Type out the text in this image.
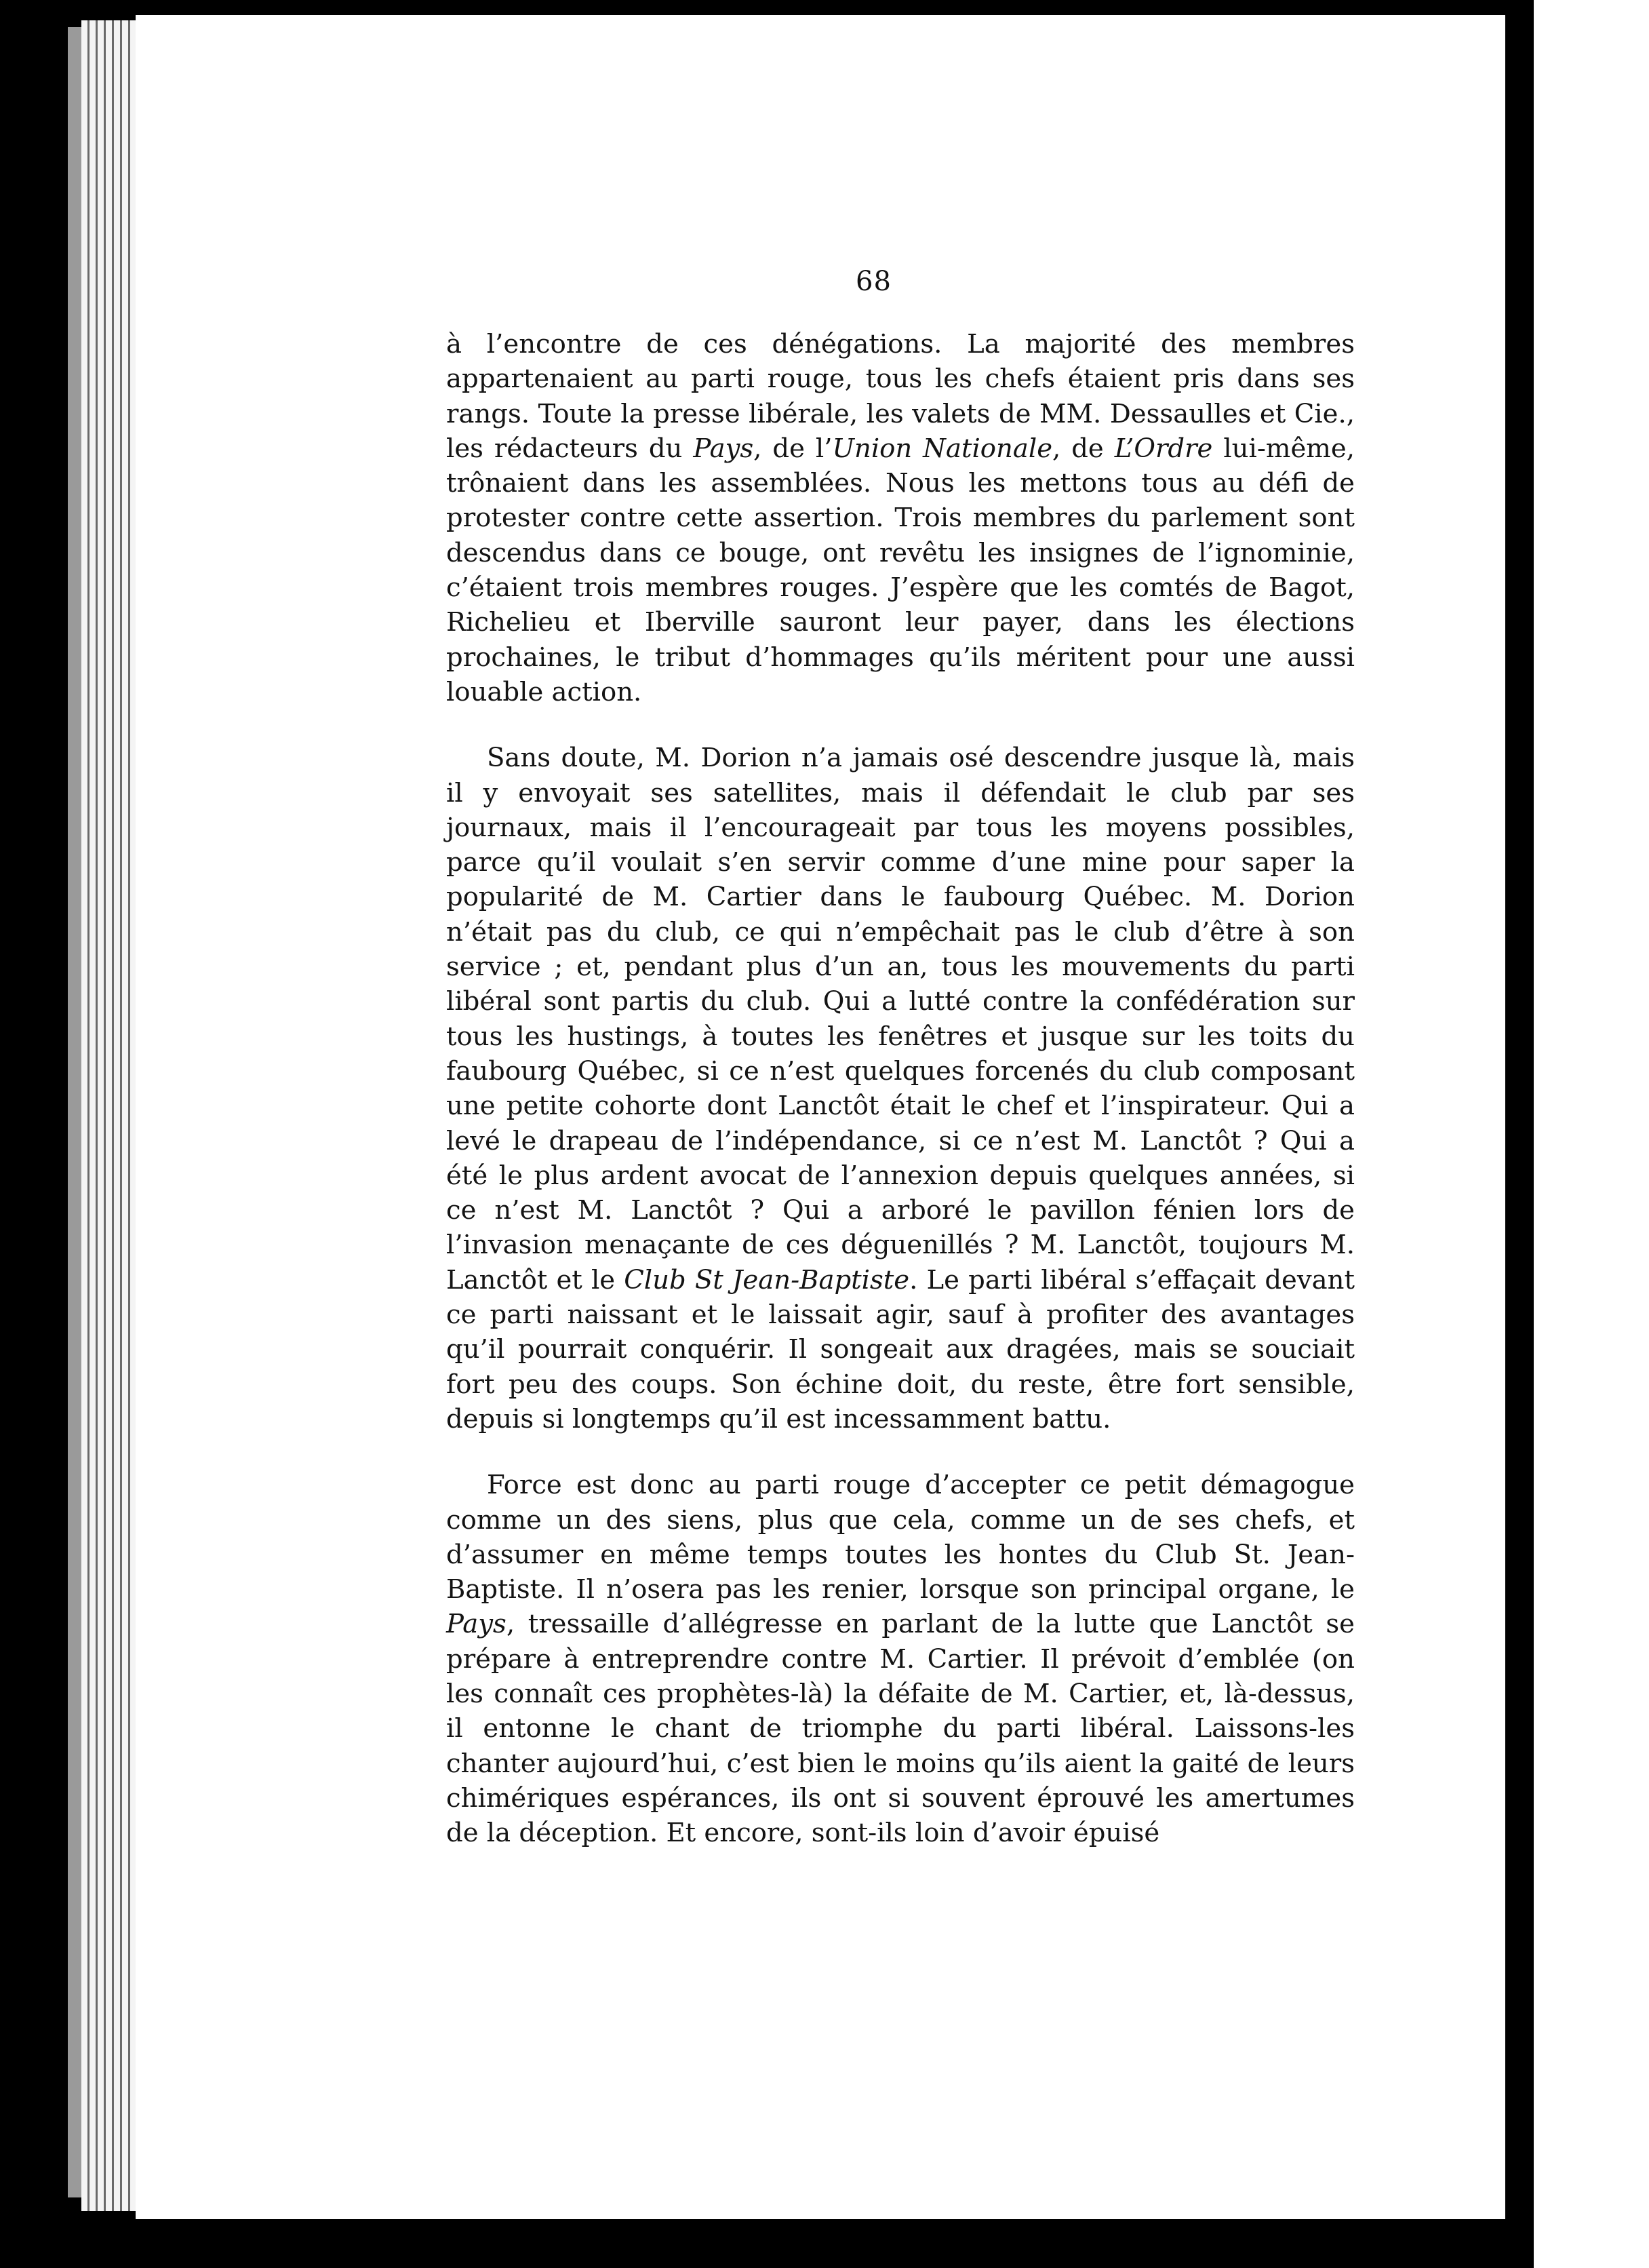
68

à l’encontre de ces dénégations. La majorité des membres appartenaient au parti rouge, tous les chefs étaient pris dans ses rangs. Toute la presse libérale, les valets de MM. Dessaulles et Cie., les rédacteurs du Pays, de l’Union Nationale, de L’Ordre lui-même, trônaient dans les assemblées. Nous les mettons tous au défi de protester contre cette assertion. Trois membres du parlement sont descendus dans ce bouge, ont revêtu les insignes de l’ignominie, c’étaient trois membres rouges. J’espère que les comtés de Bagot, Richelieu et Iberville sauront leur payer, dans les élections prochaines, le tribut d’hommages qu’ils méritent pour une aussi louable action.

Sans doute, M. Dorion n’a jamais osé descendre jusque là, mais il y envoyait ses satellites, mais il défendait le club par ses journaux, mais il l’encourageait par tous les moyens possibles, parce qu’il voulait s’en servir comme d’une mine pour saper la popularité de M. Cartier dans le faubourg Québec. M. Dorion n’était pas du club, ce qui n’empêchait pas le club d’être à son service ; et, pendant plus d’un an, tous les mouvements du parti libéral sont partis du club. Qui a lutté contre la confédération sur tous les hustings, à toutes les fenêtres et jusque sur les toits du faubourg Québec, si ce n’est quelques forcenés du club composant une petite cohorte dont Lanctôt était le chef et l’inspirateur. Qui a levé le drapeau de l’indépendance, si ce n’est M. Lanctôt ? Qui a été le plus ardent avocat de l’annexion depuis quelques années, si ce n’est M. Lanctôt ? Qui a arboré le pavillon fénien lors de l’invasion menaçante de ces déguenillés ? M. Lanctôt, toujours M. Lanctôt et le Club St Jean-Baptiste. Le parti libéral s’effaçait devant ce parti naissant et le laissait agir, sauf à profiter des avantages qu’il pourrait conquérir. Il songeait aux dragées, mais se souciait fort peu des coups. Son échine doit, du reste, être fort sensible, depuis si longtemps qu’il est incessamment battu.

Force est donc au parti rouge d’accepter ce petit démagogue comme un des siens, plus que cela, comme un de ses chefs, et d’assumer en même temps toutes les hontes du Club St. Jean-Baptiste. Il n’osera pas les renier, lorsque son principal organe, le Pays, tressaille d’allégresse en parlant de la lutte que Lanctôt se prépare à entreprendre contre M. Cartier. Il prévoit d’emblée (on les connaît ces prophètes-là) la défaite de M. Cartier, et, là-dessus, il entonne le chant de triomphe du parti libéral. Laissons-les chanter aujourd’hui, c’est bien le moins qu’ils aient la gaité de leurs chimériques espérances, ils ont si souvent éprouvé les amertumes de la déception. Et encore, sont-ils loin d’avoir épuisé
